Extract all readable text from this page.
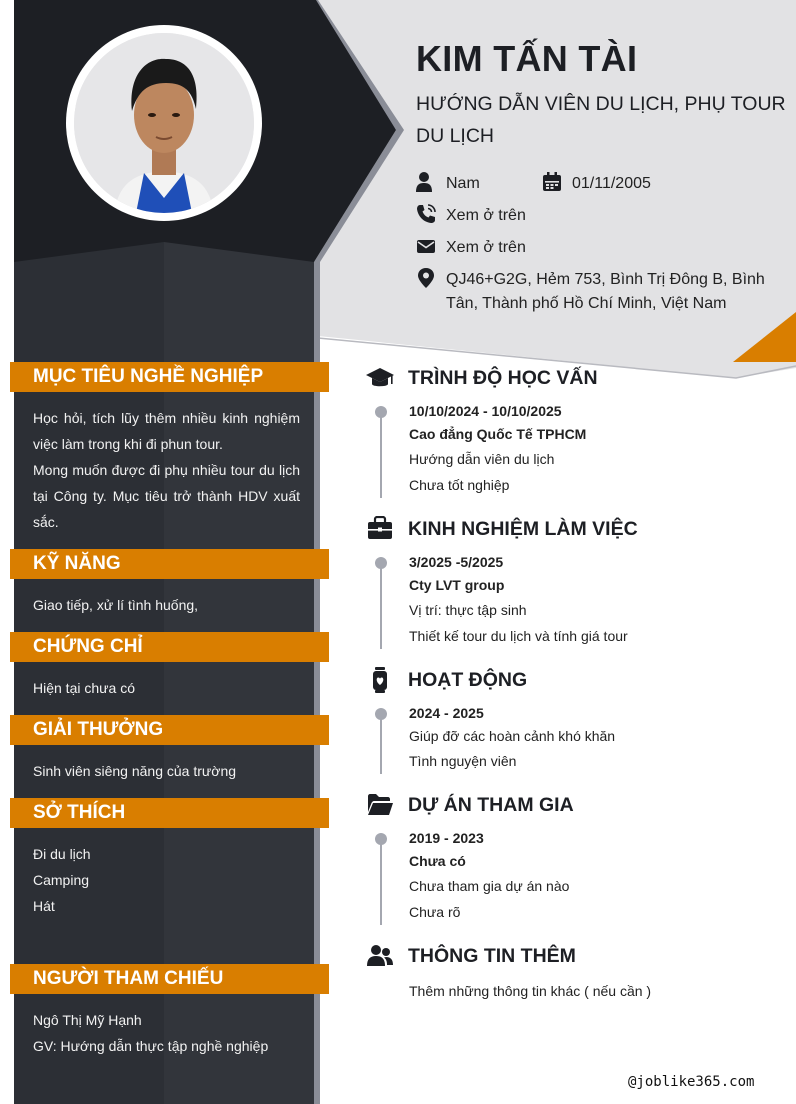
KIM TẤN TÀI
HƯỚNG DẪN VIÊN DU LỊCH, PHỤ TOUR DU LỊCH
Nam	01/11/2005
Xem ở trên
Xem ở trên
QJ46+G2G, Hẻm 753, Bình Trị Đông B, Bình Tân, Thành phố Hồ Chí Minh, Việt Nam
MỤC TIÊU NGHỀ NGHIỆP
Học hỏi, tích lũy thêm nhiều kinh nghiệm việc làm trong khi đi phun tour.
Mong muốn được đi phụ nhiều tour du lịch tại Công ty. Mục tiêu trở thành HDV xuất sắc.
KỸ NĂNG
Giao tiếp, xử lí tình huống,
CHỨNG CHỈ
Hiện tại chưa có
GIẢI THƯỞNG
Sinh viên siêng năng của trường
SỞ THÍCH
Đi du lịch
Camping
Hát
NGƯỜI THAM CHIẾU
Ngô Thị Mỹ Hạnh
GV: Hướng dẫn thực tập nghề nghiệp
TRÌNH ĐỘ HỌC VẤN
10/10/2024 - 10/10/2025
Cao đẳng Quốc Tế TPHCM
Hướng dẫn viên du lịch
Chưa tốt nghiệp
KINH NGHIỆM LÀM VIỆC
3/2025 -5/2025
Cty LVT group
Vị trí: thực tập sinh
Thiết kế tour du lịch và tính giá tour
HOẠT ĐỘNG
2024 - 2025
Giúp đỡ các hoàn cảnh khó khăn
Tình nguyện viên
DỰ ÁN THAM GIA
2019 - 2023
Chưa có
Chưa tham gia dự án nào
Chưa rõ
THÔNG TIN THÊM
Thêm những thông tin khác ( nếu cần )
@joblike365.com
